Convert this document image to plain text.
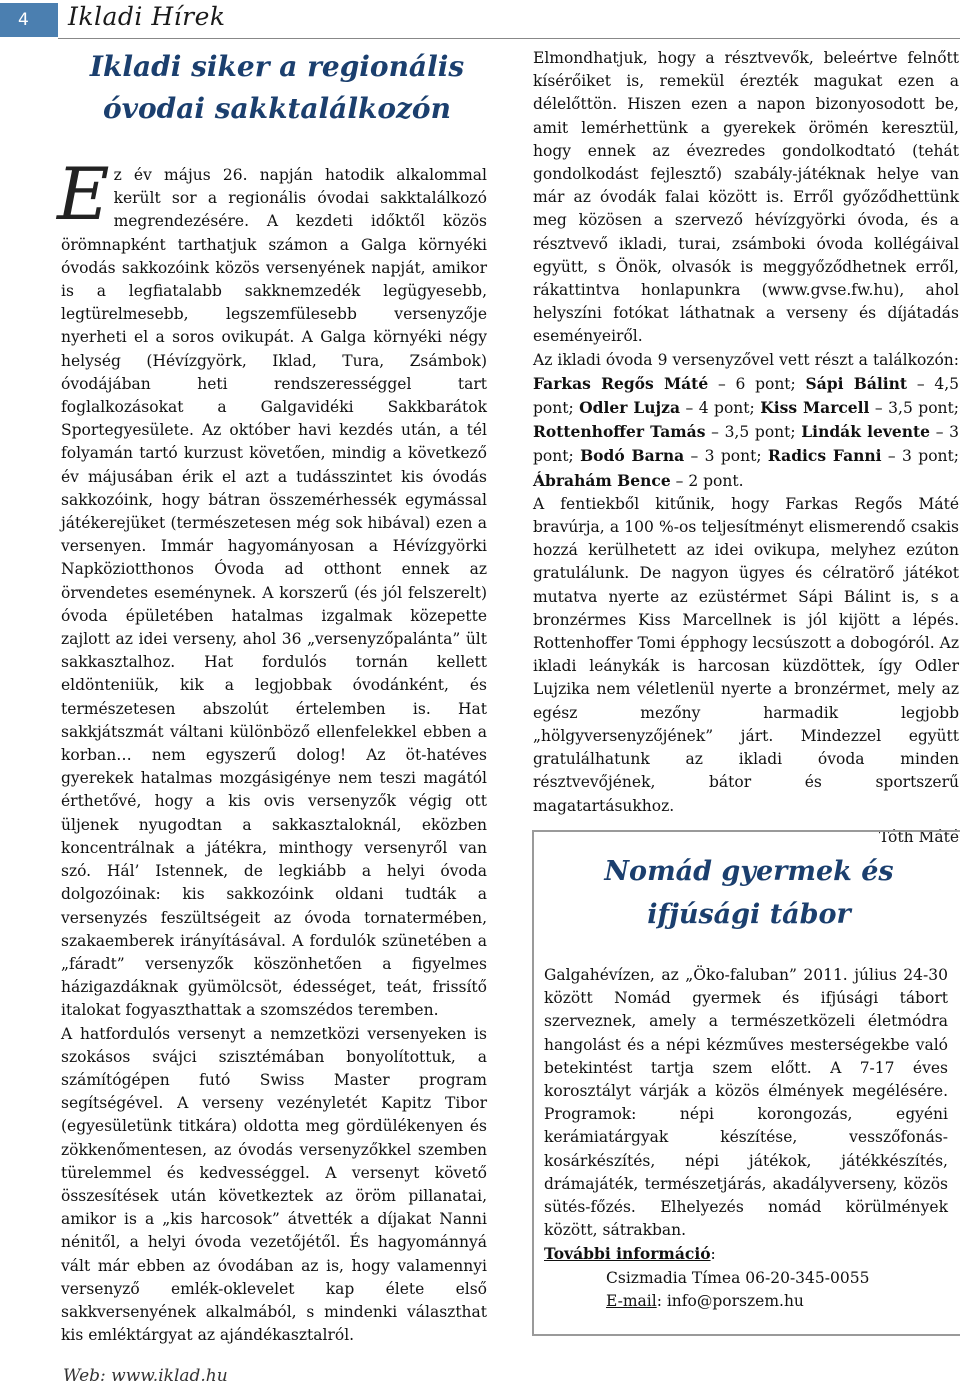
4	Ikladi Hírek
Ikladi siker a regionális
óvodai sakktalálkozón

Ez év május 26. napján hatodik alkalommal került sor a regionális óvodai sakktalálkozó megrendezésére. A kezdeti időktől közös örömnapként tarthatjuk számon a Galga környéki óvodás sakkozóink közös versenyének napját, amikor is a legfiatalabb sakknemzedék legügyesebb, legtürelmesebb, legszemfülesebb versenyzője nyerheti el a soros ovikupát. A Galga környéki négy helység (Hévízgyörk, Iklad, Tura, Zsámbok) óvodájában heti rendszerességgel tart foglalkozásokat a Galgavidéki Sakkbarátok Sportegyesülete. Az október havi kezdés után, a tél folyamán tartó kurzust követően, mindig a következő év májusában érik el azt a tudásszintet kis óvodás sakkozóink, hogy bátran összemérhessék egymással játékerejüket (természetesen még sok hibával) ezen a versenyen. Immár hagyományosan a Hévízgyörki Napköziotthonos Óvoda ad otthont ennek az örvendetes eseménynek. A korszerű (és jól felszerelt) óvoda épületében hatalmas izgalmak közepette zajlott az idei verseny, ahol 36 „versenyzőpalánta” ült sakkasztalhoz. Hat fordulós tornán kellett eldönteniük, kik a legjobbak óvodánként, és természetesen abszolút értelemben is. Hat sakkjátszmát váltani különböző ellenfelekkel ebben a korban… nem egyszerű dolog! Az öt-hatéves gyerekek hatalmas mozgásigénye nem teszi magától érthetővé, hogy a kis ovis versenyzők végig ott üljenek nyugodtan a sakkasztaloknál, eközben koncentrálnak a játékra, minthogy versenyről van szó. Hál’ Istennek, de legkiább a helyi óvoda dolgozóinak: kis sakkozóink oldani tudták a versenyzés feszültségeit az óvoda tornatermében, szakaemberek irányításával. A fordulók szünetében a „fáradt” versenyzők köszönhetően a figyelmes házigazdáknak gyümölcsöt, édességet, teát, frissítő italokat fogyaszthattak a szomszédos teremben.

A hatfordulós versenyt a nemzetközi versenyeken is szokásos svájci szisztémában bonyolítottuk, a számítógépen futó Swiss Master program segítségével. A verseny vezényletét Kapitz Tibor (egyesületünk titkára) oldotta meg gördülékenyen és zökkenőmentesen, az óvodás versenyzőkkel szemben türelemmel és kedvességgel. A versenyt követő összesítések után következtek az öröm pillanatai, amikor is a „kis harcosok” átvették a díjakat Nanni nénitől, a helyi óvoda vezetőjétől. És hagyománnyá vált már ebben az óvodában az is, hogy valamennyi versenyző emlék-oklevelet kap élete első sakkversenyének alkalmából, s mindenki választhat kis emléktárgyat az ajándékasztalról.

Elmondhatjuk, hogy a résztvevők, beleértve felnőtt kísérőiket is, remekül érezték magukat ezen a délelőttön. Hiszen ezen a napon bizonyosodott be, amit lemérhettünk a gyerekek örömén keresztül, hogy ennek az évezredes gondolkodtató (tehát gondolkodást fejlesztő) szabály-játéknak helye van már az óvodák falai között is. Erről győződhettünk meg közösen a szervező hévízgyörki óvoda, és a résztvevő ikladi, turai, zsámboki óvoda kollégáival együtt, s Önök, olvasók is meggyőződhetnek erről, rákattintva honlapunkra (www.gvse.fw.hu), ahol helyszíni fotókat láthatnak a verseny és díjátadás eseményeiről.

Az ikladi óvoda 9 versenyzővel vett részt a találkozón: Farkas Regős Máté – 6 pont; Sápi Bálint – 4,5 pont; Odler Lujza – 4 pont; Kiss Marcell – 3,5 pont; Rottenhoffer Tamás – 3,5 pont; Lindák levente – 3 pont; Bodó Barna – 3 pont; Radics Fanni – 3 pont; Ábrahám Bence – 2 pont.

A fentiekből kitűnik, hogy Farkas Regős Máté bravúrja, a 100 %-os teljesítményt elismerendő csakis hozzá kerülhetett az idei ovikupa, melyhez ezúton gratulálunk. De nagyon ügyes és célratörő játékot mutatva nyerte az ezüstérmet Sápi Bálint is, s a bronzérmes Kiss Marcellnek is jól kijött a lépés. Rottenhoffer Tomi épphogy lecsúszott a dobogóról. Az ikladi leánykák is harcosan küzdöttek, így Odler Lujzika nem véletlenül nyerte a bronzérmet, mely az egész mezőny harmadik legjobb „hölgyversenyzőjének” járt. Mindezzel együtt gratulálhatunk az ikladi óvoda minden résztvevőjének, bátor és sportszerű magatartásukhoz.

Tóth Máté

Nomád gyermek és
ifjúsági tábor

Galgahévízen, az „Öko-faluban” 2011. július 24-30 között Nomád gyermek és ifjúsági tábort szerveznek, amely a természetközeli életmódra hangolást és a népi kézműves mesterségekbe való betekintést tartja szem előtt. A 7-17 éves korosztályt várják a közös élmények megélésére. Programok: népi korongozás, egyéni kerámiatárgyak készítése, vesszőfonás-kosárkészítés, népi játékok, játékkészítés, drámajáték, természetjárás, akadályverseny, közös sütés-főzés. Elhelyezés nomád körülmények között, sátrakban.

További információ:

Csizmadia Tímea 06-20-345-0055

E-mail: info@porszem.hu

Web: www.iklad.hu
